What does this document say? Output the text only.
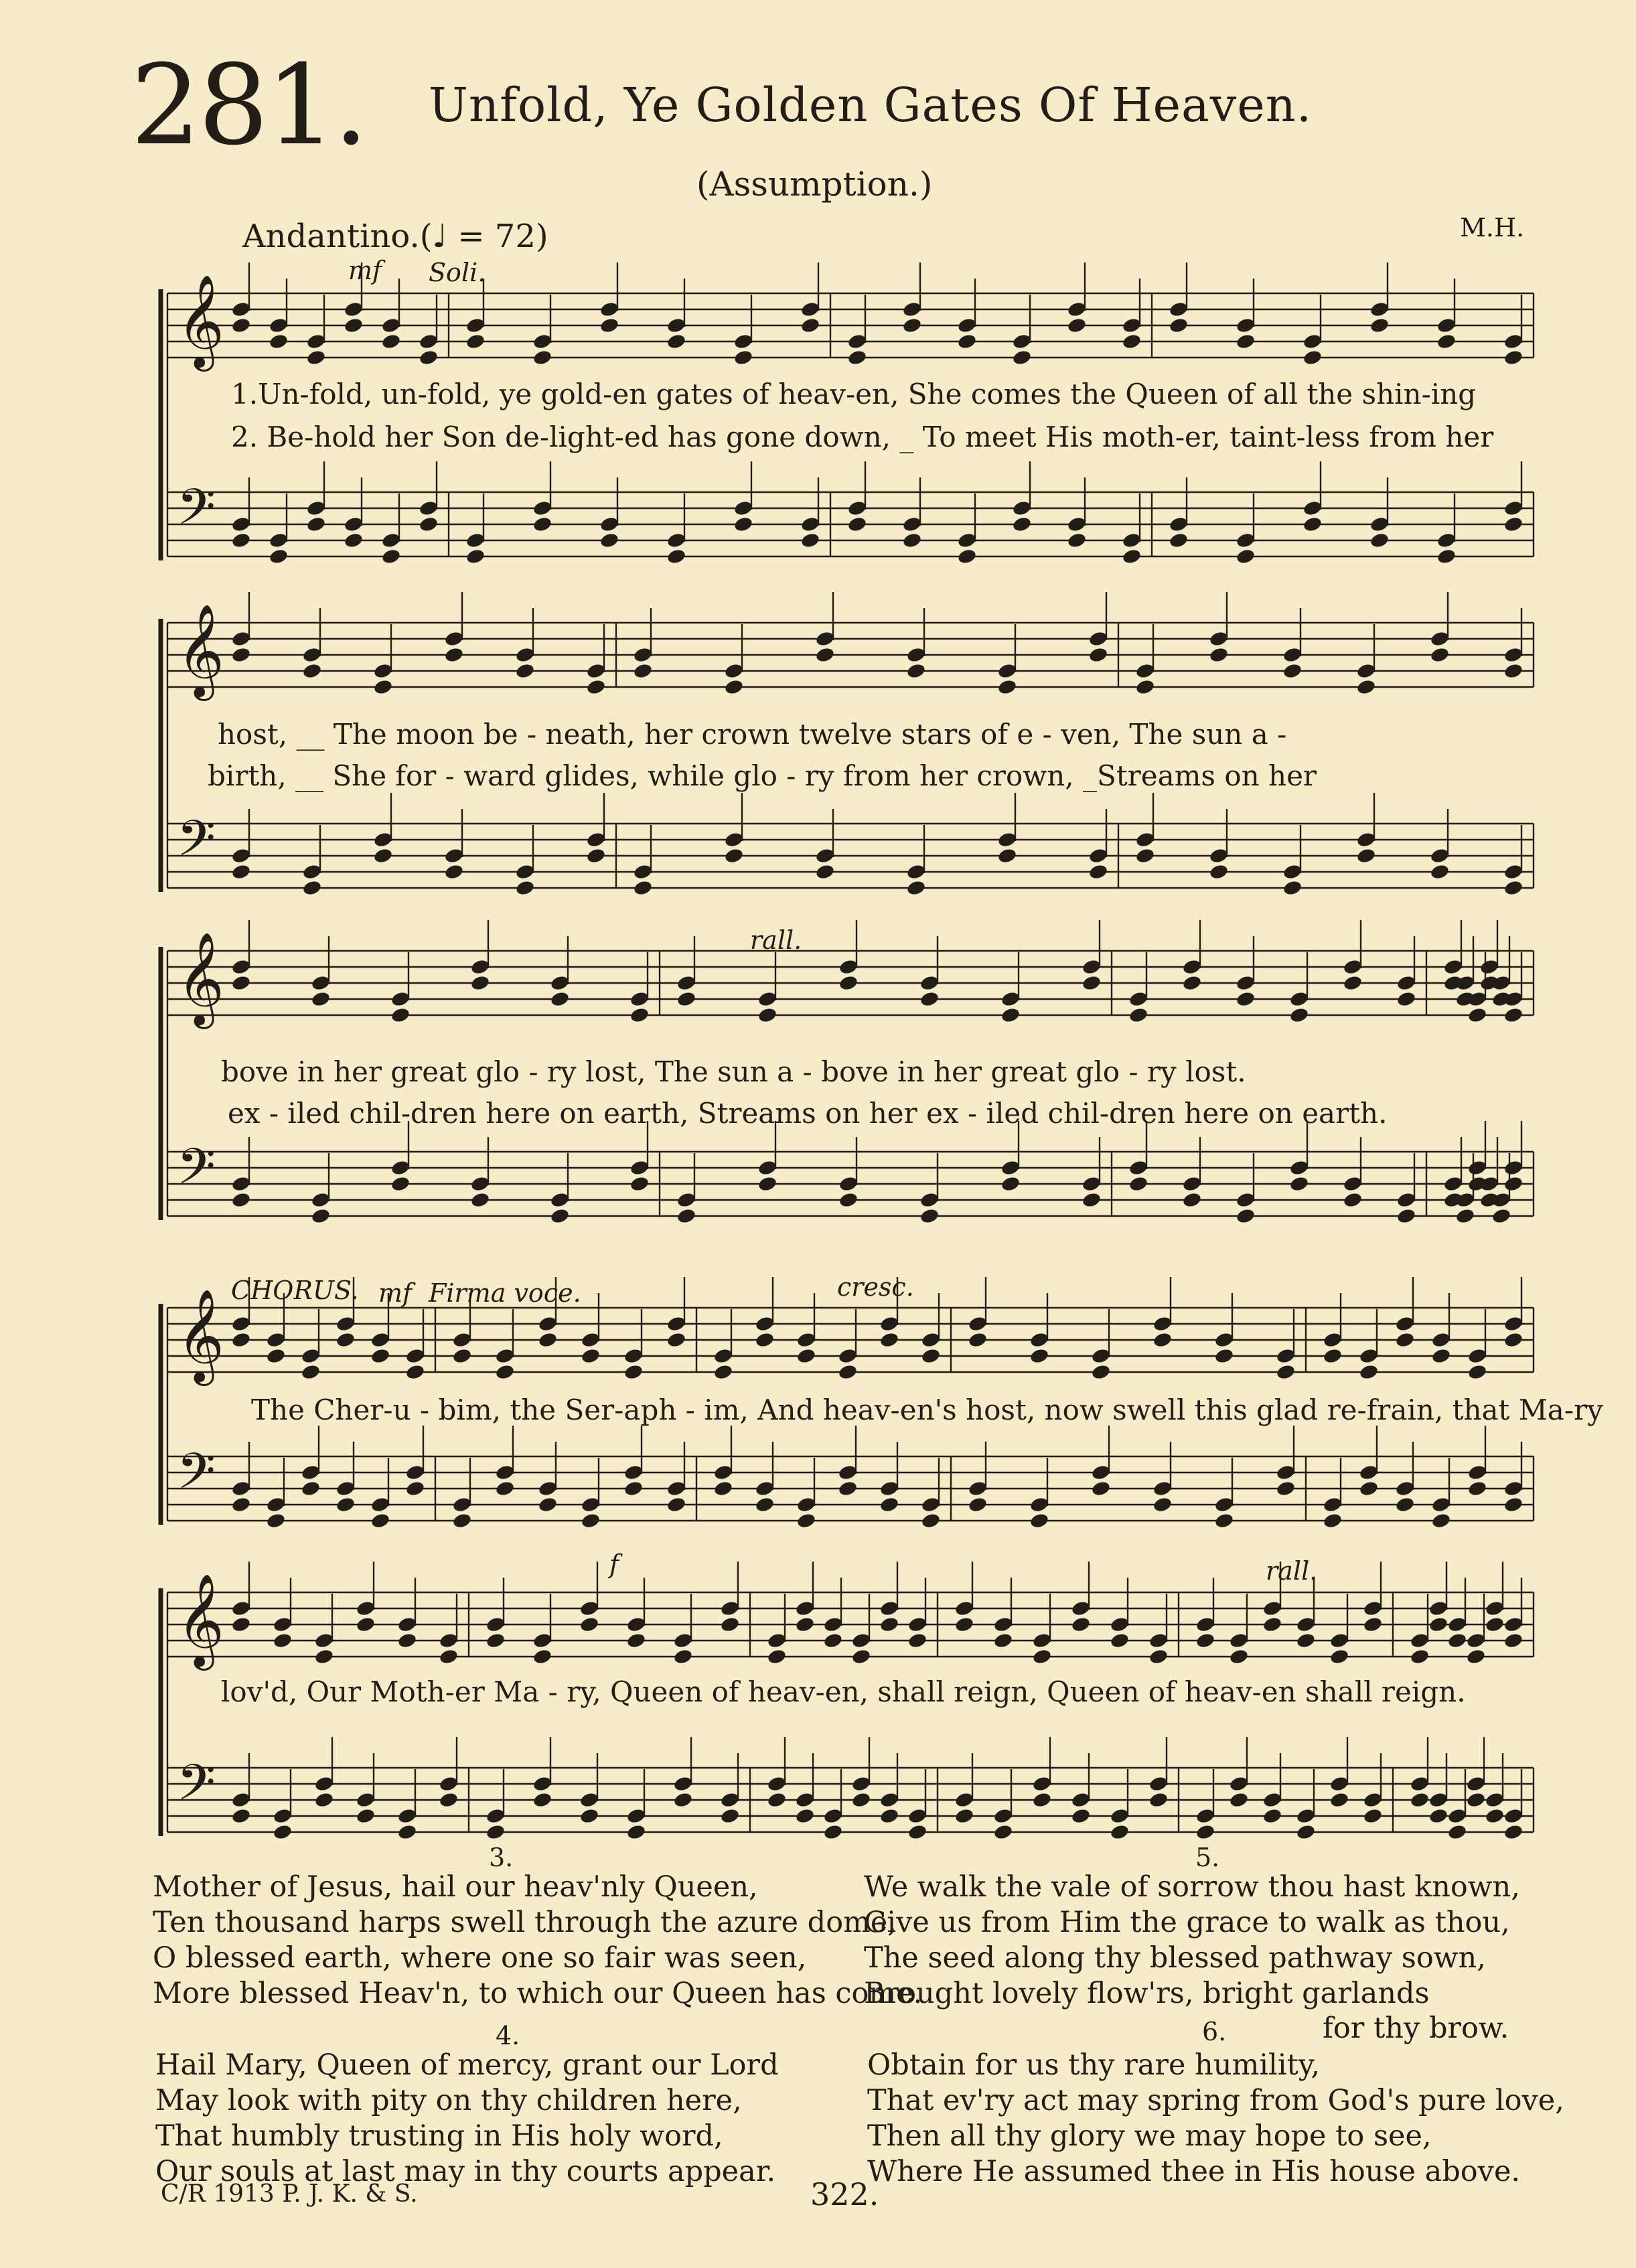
281. Unfold, Ye Golden Gates Of Heaven.
(Assumption.)
Andantino.(♩ = 72)	M.H.
𝄞
𝄢
mf Soli.
1.Un-fold, un-fold, ye gold-en gates of heav-en, She comes the Queen of all the shin-ing
2. Be-hold her Son de-light-ed has gone down, _ To meet His moth-er, taint-less from her
𝄞
𝄢
host, __ The moon be - neath, her crown twelve stars of e - ven, The sun a -
birth, __ She for - ward glides, while glo - ry from her crown, _Streams on her
𝄞
𝄢
rall.
bove in her great glo - ry lost, The sun a - bove in her great glo - ry lost.
ex - iled chil-dren here on earth, Streams on her ex - iled chil-dren here on earth.
𝄞
𝄢
CHORUS. mf Firma voce.	cresc.
The Cher-u - bim, the Ser-aph - im, And heav-en's host, now swell this glad re-frain, that Ma-ry
𝄞
𝄢
f	rall.
lov'd, Our Moth-er Ma - ry, Queen of heav-en, shall reign, Queen of heav-en shall reign.
3.
Mother of Jesus, hail our heav'nly Queen,
Ten thousand harps swell through the azure dome,
O blessed earth, where one so fair was seen,
More blessed Heav'n, to which our Queen has come.
4.
Hail Mary, Queen of mercy, grant our Lord
May look with pity on thy children here,
That humbly trusting in His holy word,
Our souls at last may in thy courts appear.
5.
We walk the vale of sorrow thou hast known,
Give us from Him the grace to walk as thou,
The seed along thy blessed pathway sown,
Brought lovely flow'rs, bright garlands
6.	for thy brow.
Obtain for us thy rare humility,
That ev'ry act may spring from God's pure love,
Then all thy glory we may hope to see,
Where He assumed thee in His house above.
C/R 1913 P. J. K. & S.	322.
